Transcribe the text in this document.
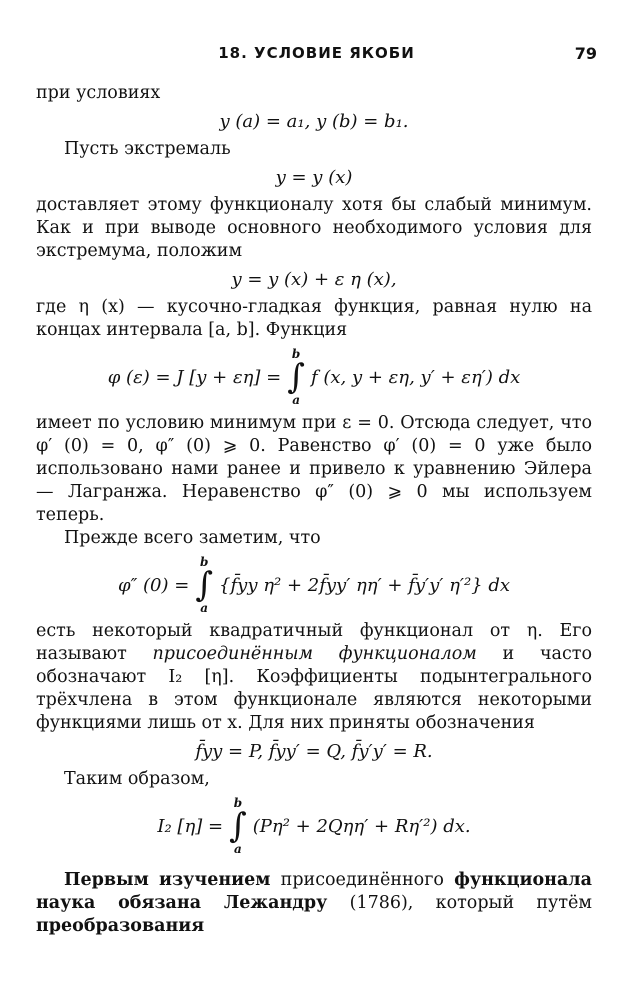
18. УСЛОВИЕ ЯКОБИ	79

при условиях

y (a) = a₁, y (b) = b₁.

Пусть экстремаль

y = y (x)

доставляет этому функционалу хотя бы слабый минимум. Как и при выводе основного необходимого условия для экстремума, положим

y = y (x) + ε η (x),

где η (x) — кусочно-гладкая функция, равная нулю на концах интервала [a, b]. Функция

φ (ε) = J [y + εη] =
b
∫
a
f (x, y + εη, y′ + εη′) dx

имеет по условию минимум при ε = 0. Отсюда следует, что φ′ (0) = 0, φ″ (0) ⩾ 0. Равенство φ′ (0) = 0 уже было использовано нами ранее и привело к уравнению Эйлера — Лагранжа. Неравенство φ″ (0) ⩾ 0 мы используем теперь.

Прежде всего заметим, что

φ″ (0) =
b
∫
a
{f̄yy η² + 2f̄yy′ ηη′ + f̄y′y′ η′²} dx

есть некоторый квадратичный функционал от η. Его называют присоединённым функционалом и часто обозначают I₂ [η]. Коэффициенты подынтегрального трёхчлена в этом функционале являются некоторыми функциями лишь от x. Для них приняты обозначения

f̄yy = P, f̄yy′ = Q, f̄y′y′ = R.

Таким образом,

I₂ [η] =
b
∫
a
(Pη² + 2Qηη′ + Rη′²) dx.

Первым изучением присоединённого функционала наука обязана Лежандру (1786), который путём преобразования
